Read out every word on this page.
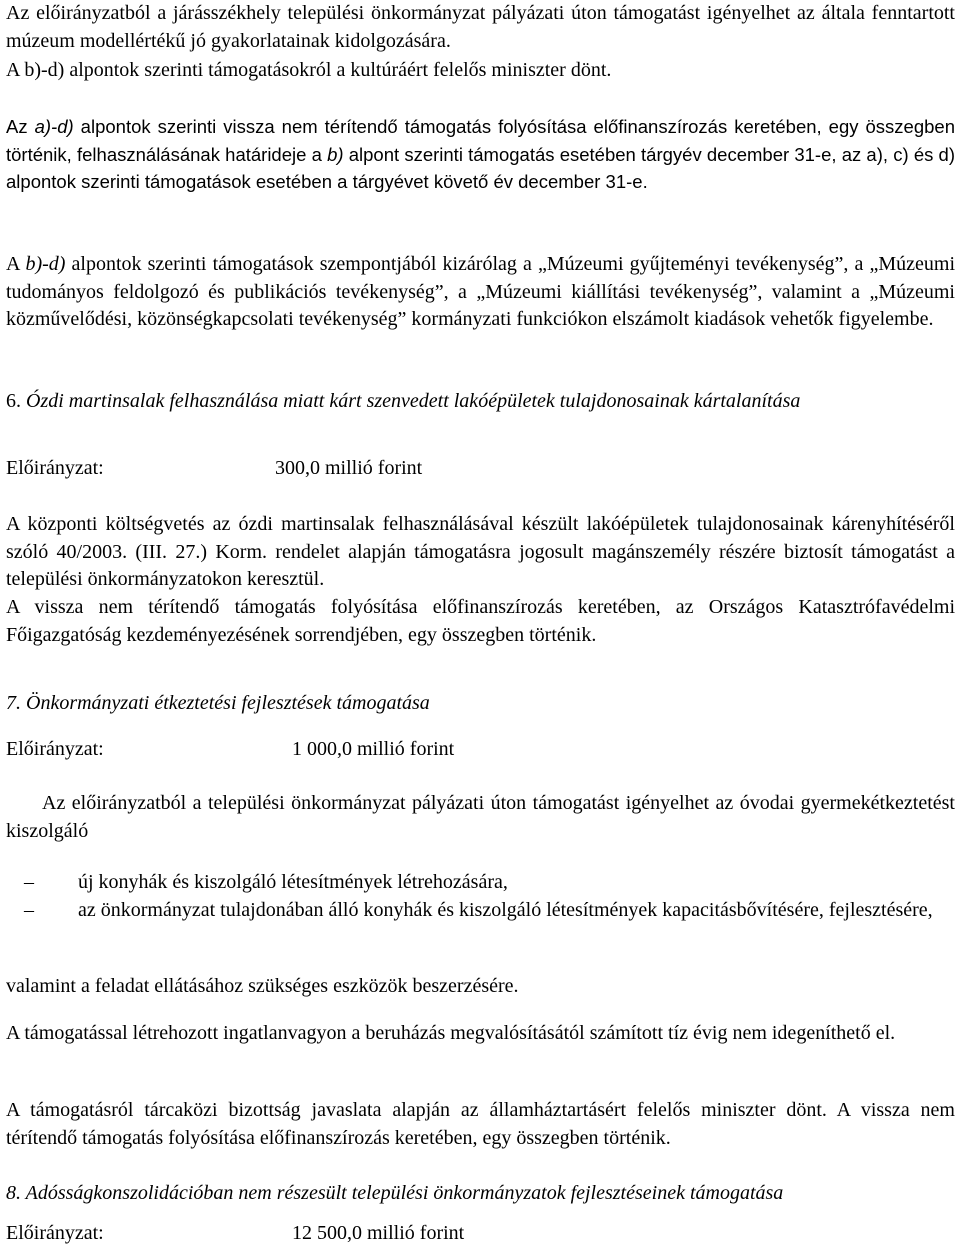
Az előirányzatból a járásszékhely települési önkormányzat pályázati úton támogatást igényelhet az általa fenntartott múzeum modellértékű jó gyakorlatainak kidolgozására.

A b)-d) alpontok szerinti támogatásokról a kultúráért felelős miniszter dönt.

Az a)-d) alpontok szerinti vissza nem térítendő támogatás folyósítása előfinanszírozás keretében, egy összegben történik, felhasználásának határideje a b) alpont szerinti támogatás esetében tárgyév december 31-e, az a), c) és d) alpontok szerinti támogatások esetében a tárgyévet követő év december 31-e.

A b)-d) alpontok szerinti támogatások szempontjából kizárólag a „Múzeumi gyűjteményi tevékenység”, a „Múzeumi tudományos feldolgozó és publikációs tevékenység”, a „Múzeumi kiállítási tevékenység”, valamint a „Múzeumi közművelődési, közönségkapcsolati tevékenység” kormányzati funkciókon elszámolt kiadások vehetők figyelembe.

6. Ózdi martinsalak felhasználása miatt kárt szenvedett lakóépületek tulajdonosainak kártalanítása

Előirányzat:	300,0 millió forint

A központi költségvetés az ózdi martinsalak felhasználásával készült lakóépületek tulajdonosainak kárenyhítéséről szóló 40/2003. (III. 27.) Korm. rendelet alapján támogatásra jogosult magánszemély részére biztosít támogatást a települési önkormányzatokon keresztül.

A vissza nem térítendő támogatás folyósítása előfinanszírozás keretében, az Országos Katasztrófavédelmi Főigazgatóság kezdeményezésének sorrendjében, egy összegben történik.

7. Önkormányzati étkeztetési fejlesztések támogatása

Előirányzat:	1 000,0 millió forint

Az előirányzatból a települési önkormányzat pályázati úton támogatást igényelhet az óvodai gyermekétkeztetést kiszolgáló

–	új konyhák és kiszolgáló létesítmények létrehozására,
–	az önkormányzat tulajdonában álló konyhák és kiszolgáló létesítmények kapacitásbővítésére, fejlesztésére,

valamint a feladat ellátásához szükséges eszközök beszerzésére.

A támogatással létrehozott ingatlanvagyon a beruházás megvalósításától számított tíz évig nem idegeníthető el.

A támogatásról tárcaközi bizottság javaslata alapján az államháztartásért felelős miniszter dönt. A vissza nem térítendő támogatás folyósítása előfinanszírozás keretében, egy összegben történik.

8. Adósságkonszolidációban nem részesült települési önkormányzatok fejlesztéseinek támogatása

Előirányzat:	12 500,0 millió forint
